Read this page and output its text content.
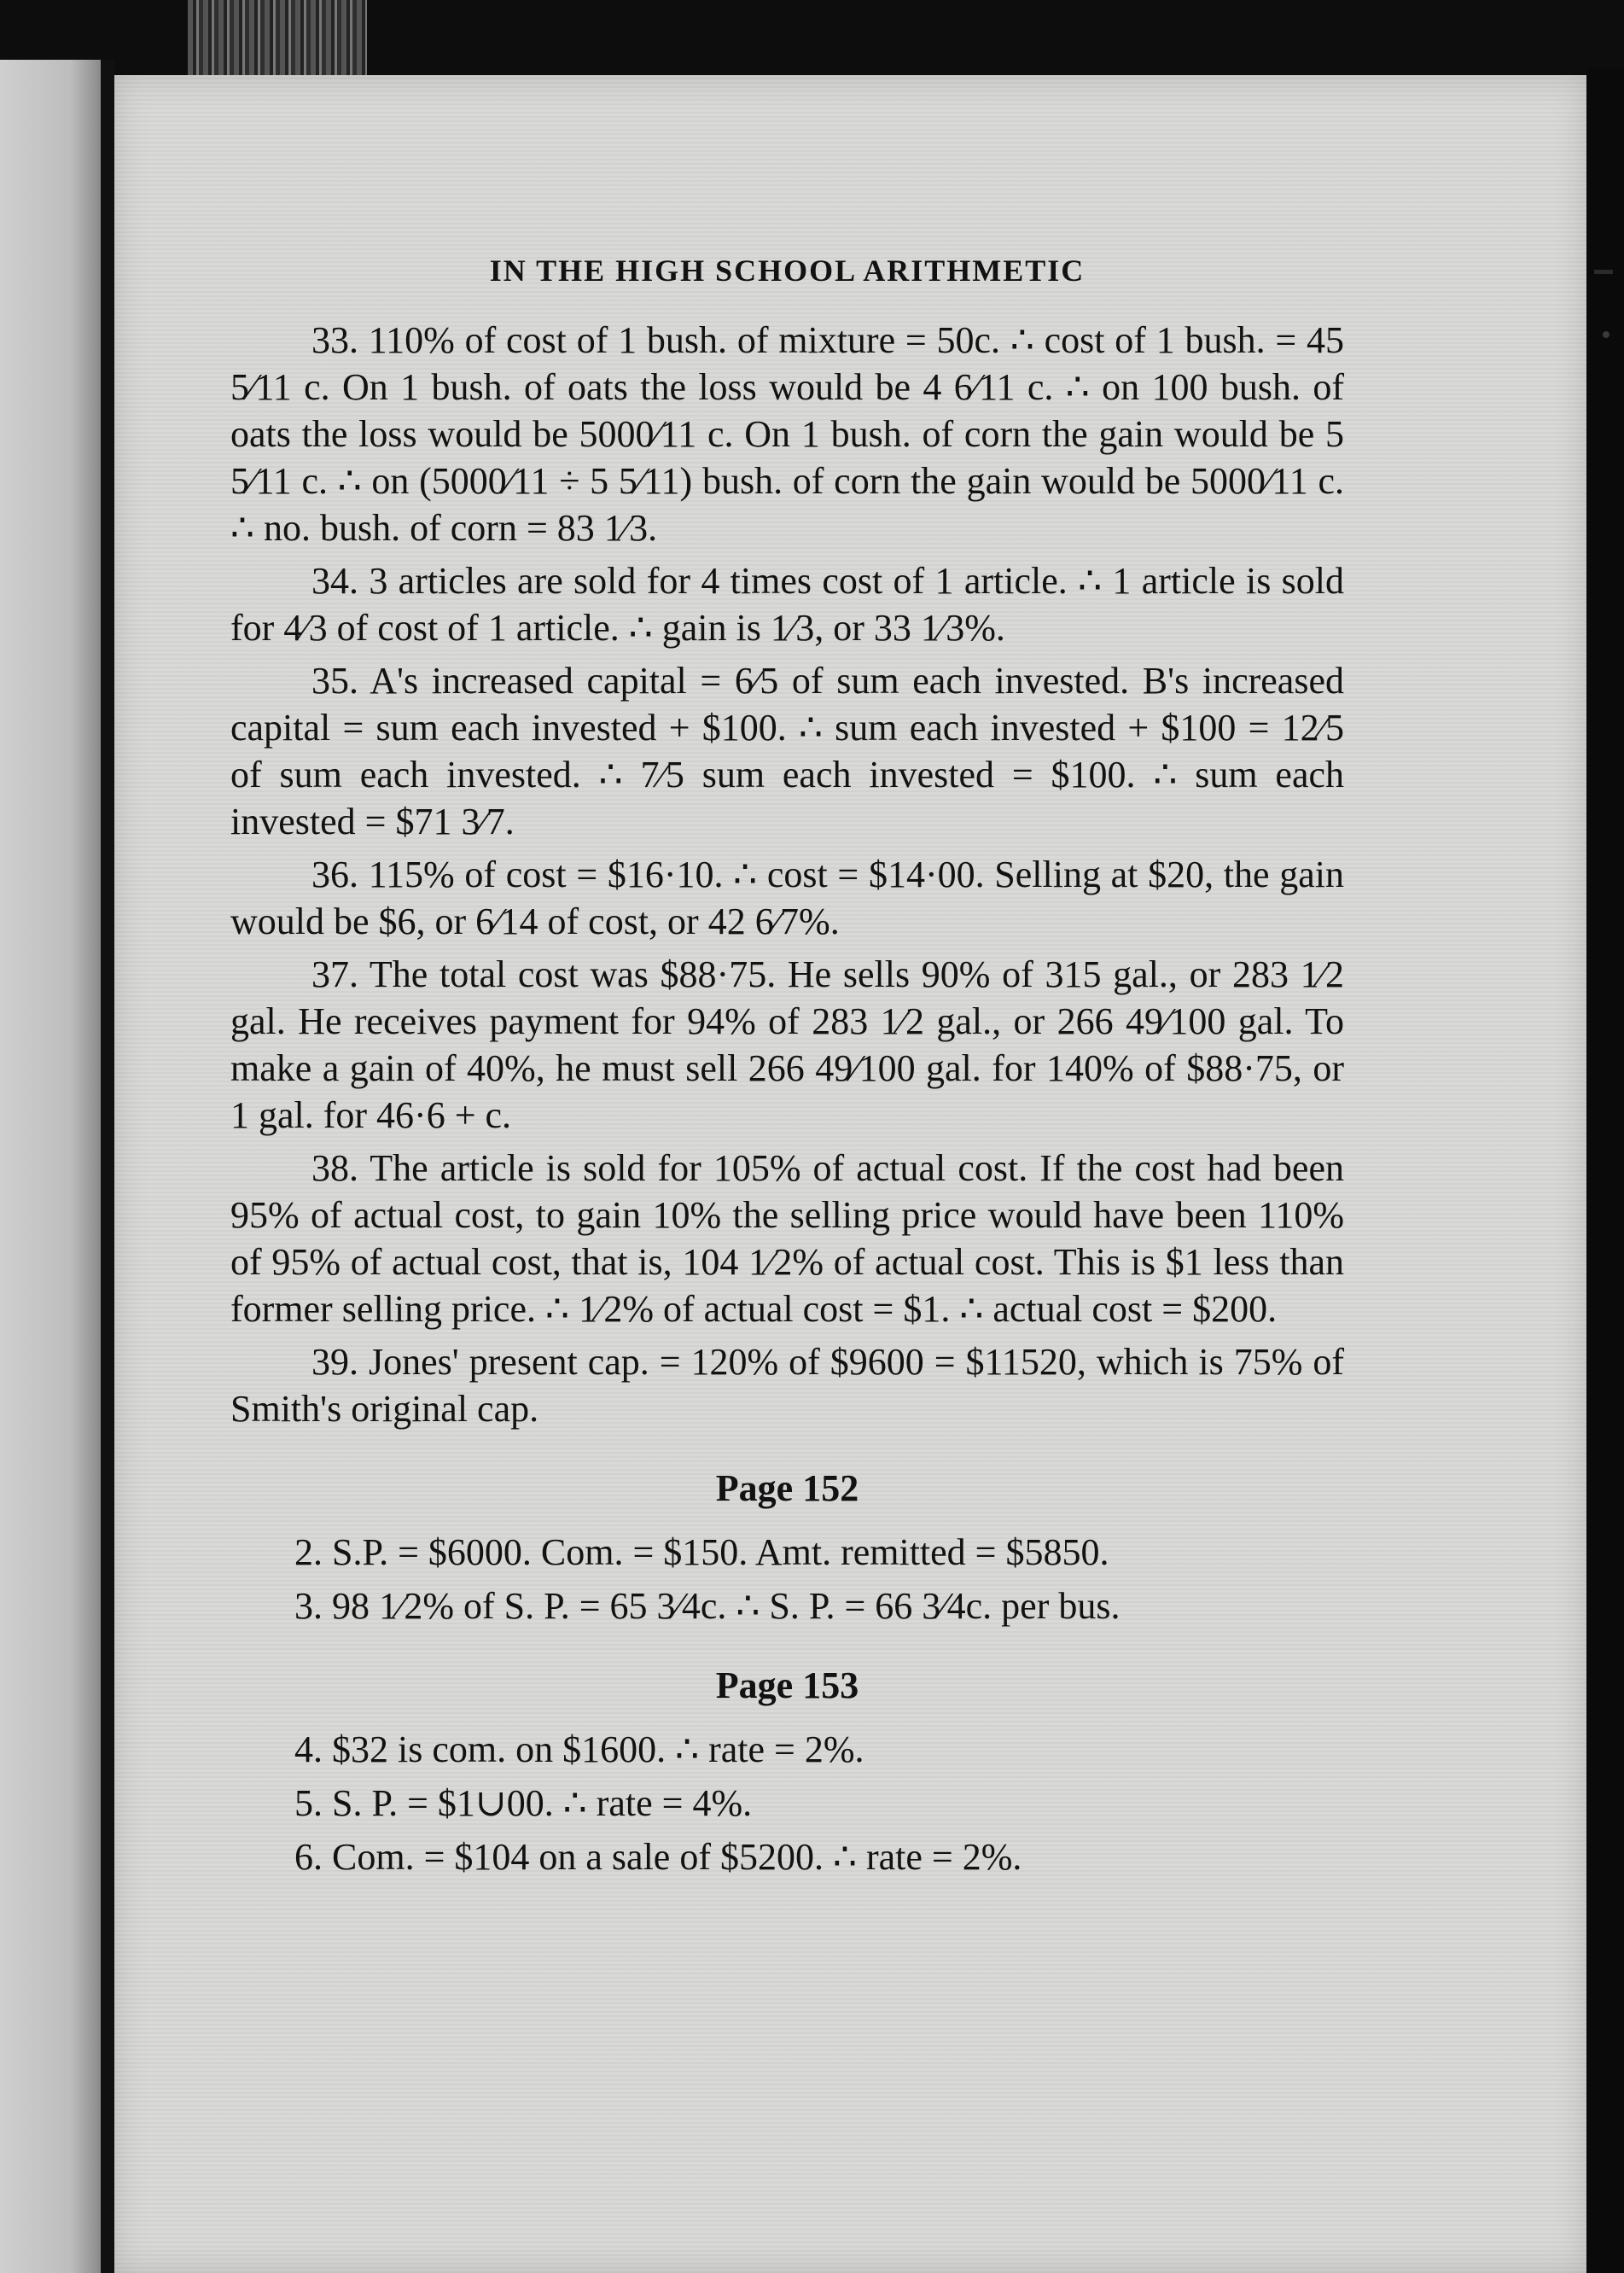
IN THE HIGH SCHOOL ARITHMETIC

33. 110% of cost of 1 bush. of mixture = 50c. ∴ cost of 1 bush. = 45 5⁄11 c. On 1 bush. of oats the loss would be 4 6⁄11 c. ∴ on 100 bush. of oats the loss would be 5000⁄11 c. On 1 bush. of corn the gain would be 5 5⁄11 c. ∴ on (5000⁄11 ÷ 5 5⁄11) bush. of corn the gain would be 5000⁄11 c. ∴ no. bush. of corn = 83 1⁄3.

34. 3 articles are sold for 4 times cost of 1 article. ∴ 1 article is sold for 4⁄3 of cost of 1 article. ∴ gain is 1⁄3, or 33 1⁄3%.

35. A's increased capital = 6⁄5 of sum each invested. B's increased capital = sum each invested + $100. ∴ sum each invested + $100 = 12⁄5 of sum each invested. ∴ 7⁄5 sum each invested = $100. ∴ sum each invested = $71 3⁄7.

36. 115% of cost = $16·10. ∴ cost = $14·00. Selling at $20, the gain would be $6, or 6⁄14 of cost, or 42 6⁄7%.

37. The total cost was $88·75. He sells 90% of 315 gal., or 283 1⁄2 gal. He receives payment for 94% of 283 1⁄2 gal., or 266 49⁄100 gal. To make a gain of 40%, he must sell 266 49⁄100 gal. for 140% of $88·75, or 1 gal. for 46·6 + c.

38. The article is sold for 105% of actual cost. If the cost had been 95% of actual cost, to gain 10% the selling price would have been 110% of 95% of actual cost, that is, 104 1⁄2% of actual cost. This is $1 less than former selling price. ∴ 1⁄2% of actual cost = $1. ∴ actual cost = $200.

39. Jones' present cap. = 120% of $9600 = $11520, which is 75% of Smith's original cap.

Page 152

2. S.P. = $6000. Com. = $150. Amt. remitted = $5850.

3. 98 1⁄2% of S. P. = 65 3⁄4c. ∴ S. P. = 66 3⁄4c. per bus.

Page 153

4. $32 is com. on $1600. ∴ rate = 2%.

5. S. P. = $1∪00. ∴ rate = 4%.

6. Com. = $104 on a sale of $5200. ∴ rate = 2%.
